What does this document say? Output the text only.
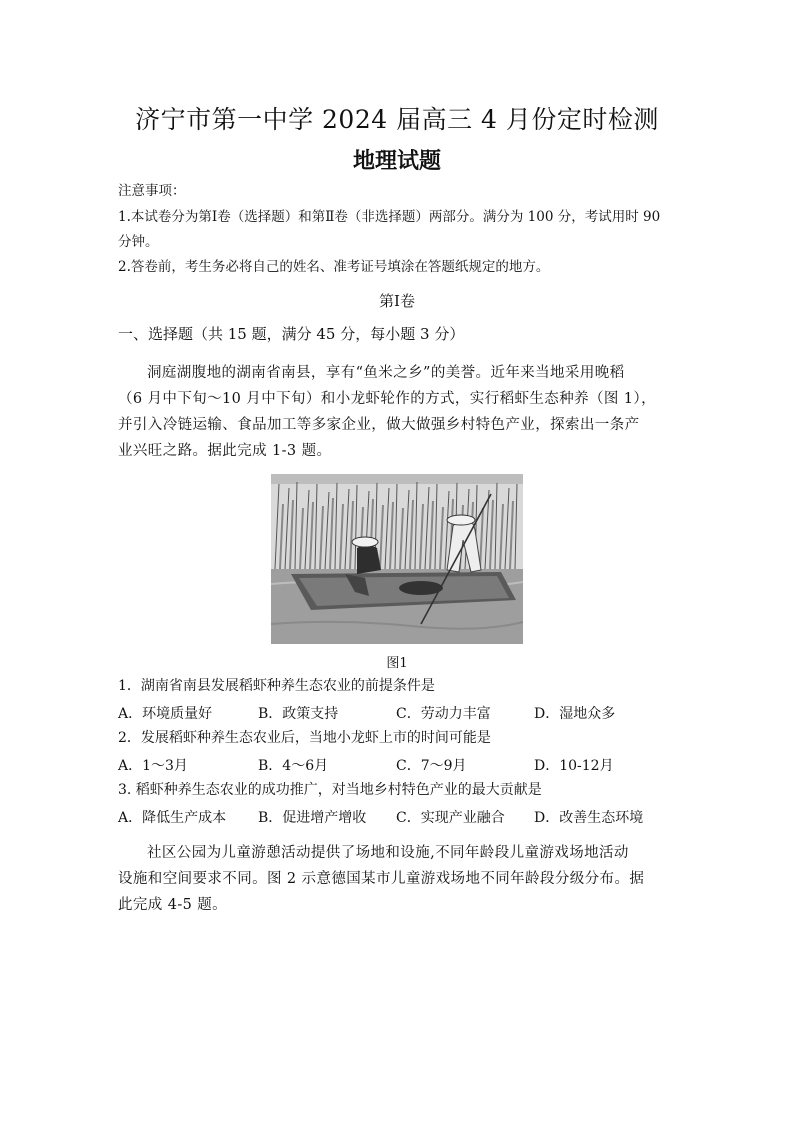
济宁市第一中学 2024 届高三 4 月份定时检测
地理试题
注意事项：
1.本试卷分为第Ⅰ卷（选择题）和第Ⅱ卷（非选择题）两部分。满分为 100 分，考试用时 90
分钟。
2.答卷前，考生务必将自己的姓名、准考证号填涂在答题纸规定的地方。
第Ⅰ卷
一、选择题（共 15 题，满分 45 分，每小题 3 分）
洞庭湖腹地的湖南省南县，享有“鱼米之乡”的美誉。近年来当地采用晚稻
（6 月中下旬～10 月中下旬）和小龙虾轮作的方式，实行稻虾生态种养（图 1），
并引入冷链运输、食品加工等多家企业，做大做强乡村特色产业，探索出一条产
业兴旺之路。据此完成 1-3 题。
图1
1．湖南省南县发展稻虾种养生态农业的前提条件是
A．环境质量好	B．政策支持	C．劳动力丰富	D．湿地众多
2．发展稻虾种养生态农业后，当地小龙虾上市的时间可能是
A．1～3月	B．4～6月	C．7～9月	D．10-12月
3. 稻虾种养生态农业的成功推广，对当地乡村特色产业的最大贡献是
A．降低生产成本 B．促进增产增收 C．实现产业融合 D．改善生态环境
社区公园为儿童游憩活动提供了场地和设施,不同年龄段儿童游戏场地活动
设施和空间要求不同。图 2 示意德国某市儿童游戏场地不同年龄段分级分布。据
此完成 4-5 题。
